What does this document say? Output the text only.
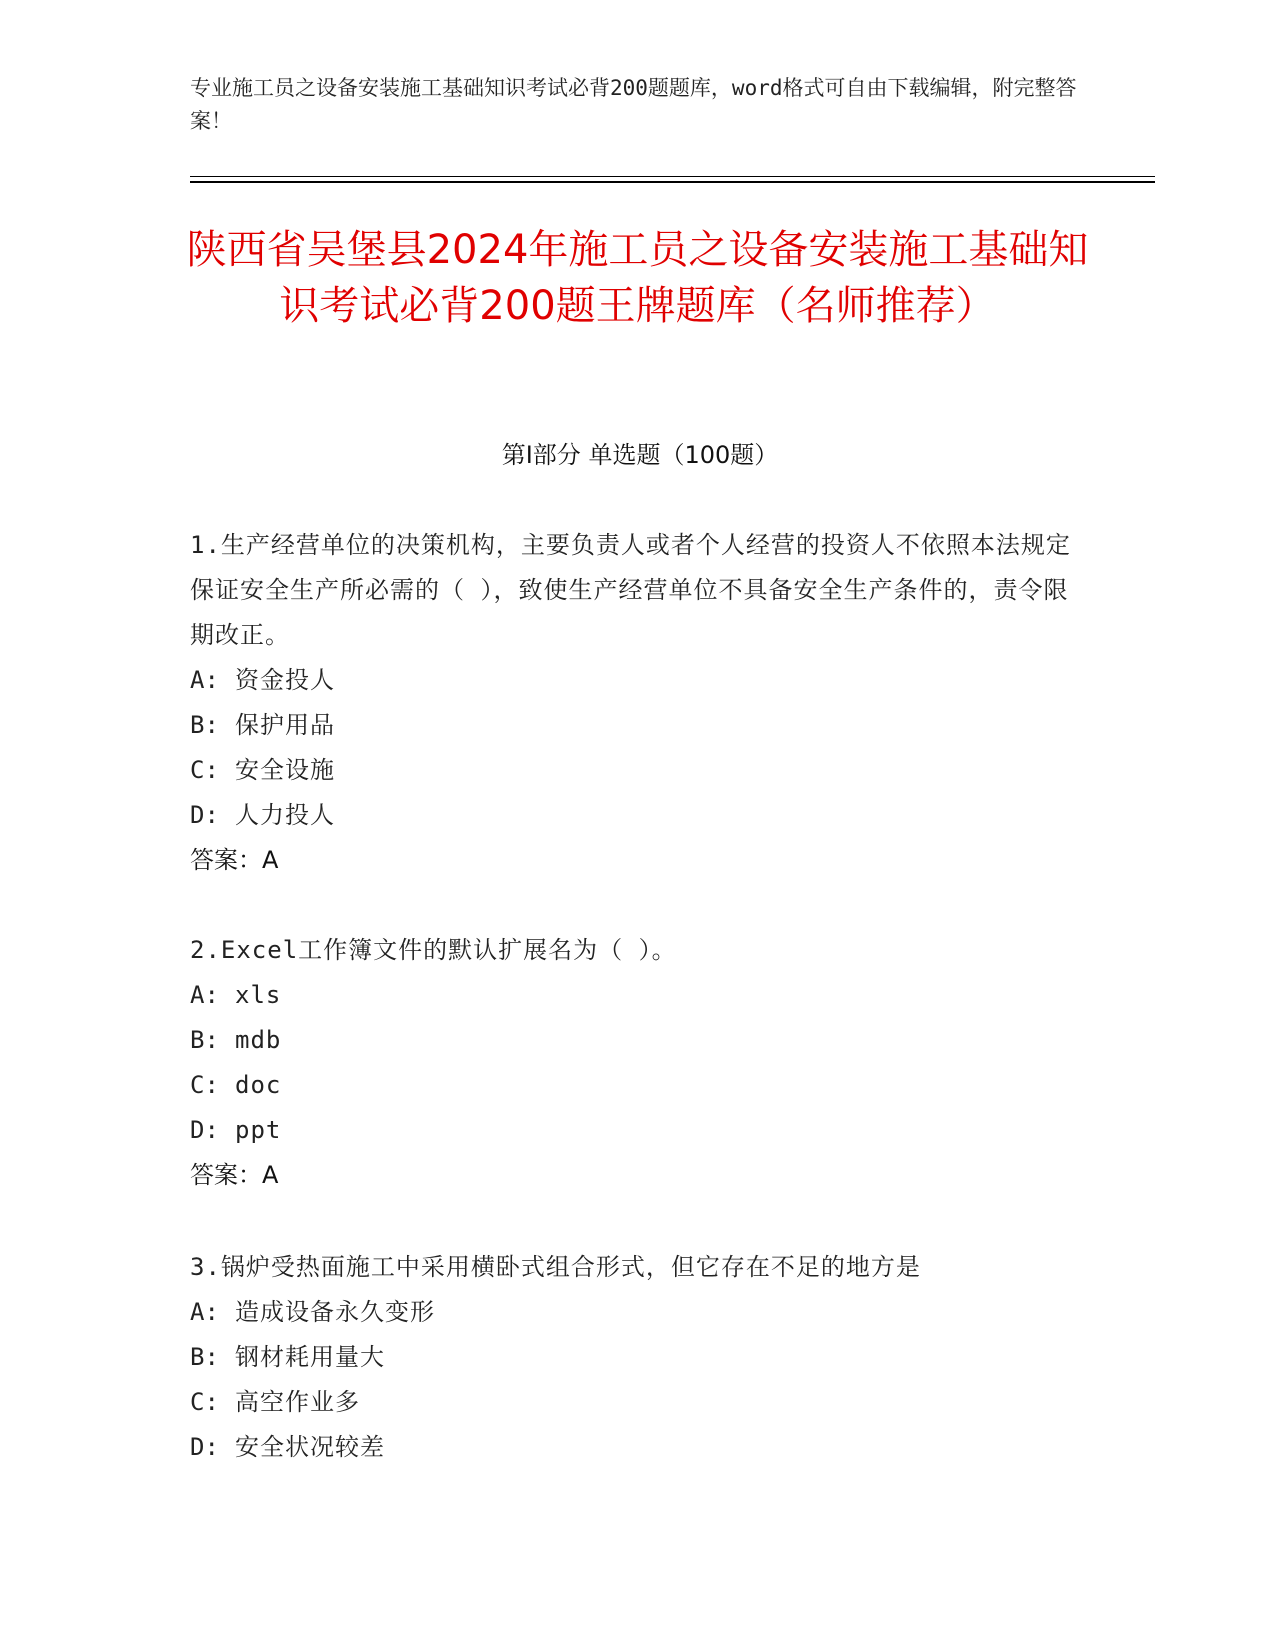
专业施工员之设备安装施工基础知识考试必背200题题库，word格式可自由下载编辑，附完整答案！
陕西省吴堡县2024年施工员之设备安装施工基础知识考试必背200题王牌题库（名师推荐）
第I部分 单选题（100题）
1.生产经营单位的决策机构，主要负责人或者个人经营的投资人不依照本法规定保证安全生产所必需的（ ），致使生产经营单位不具备安全生产条件的，责令限期改正。
A: 资金投人
B: 保护用品
C: 安全设施
D: 人力投人
答案：A
2.Excel工作簿文件的默认扩展名为（ ）。
A: xls
B: mdb
C: doc
D: ppt
答案：A
3.锅炉受热面施工中采用横卧式组合形式，但它存在不足的地方是
A: 造成设备永久变形
B: 钢材耗用量大
C: 高空作业多
D: 安全状况较差
